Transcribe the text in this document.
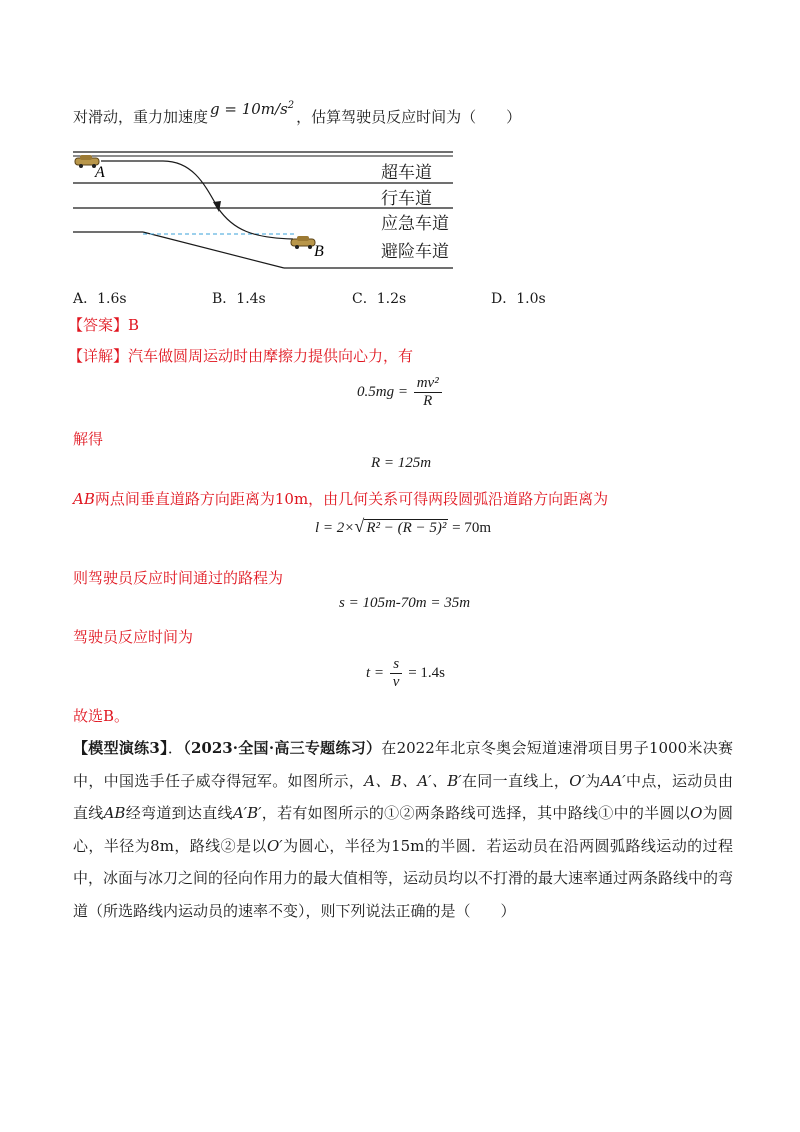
对滑动，重力加速度 $g = 10m/s^2$，估算驾驶员反应时间为（　　）
A
B
超车道
行车道
应急车道
避险车道
A．1.6s	B．1.4s	C．1.2s	D．1.0s
【答案】B
【详解】汽车做圆周运动时由摩擦力提供向心力，有
$0.5mg = \frac{\text{mv²}}{R}$
解得
R = 125m
AB两点间垂直道路方向距离为10m，由几何关系可得两段圆弧沿道路方向距离为
l = 2×√ R² − (R − 5)² = 70m
则驾驶员反应时间通过的路程为
s = 105m-70m = 35m
驾驶员反应时间为
$t = \frac{s}{v} = 1.4s$
故选B。
【模型演练3】．（2023·全国·高三专题练习）在2022年北京冬奥会短道速滑项目男子1000米决赛中，中国选手任子威夺得冠军。如图所示，A、B、A′、B′在同一直线上，O′为AA′中点，运动员由直线AB经弯道到达直线A′B′，若有如图所示的①②两条路线可选择，其中路线①中的半圆以O为圆心，半径为8m，路线②是以O′为圆心，半径为15m的半圆．若运动员在沿两圆弧路线运动的过程中，冰面与冰刀之间的径向作用力的最大值相等，运动员均以不打滑的最大速率通过两条路线中的弯道（所选路线内运动员的速率不变），则下列说法正确的是（　　）
